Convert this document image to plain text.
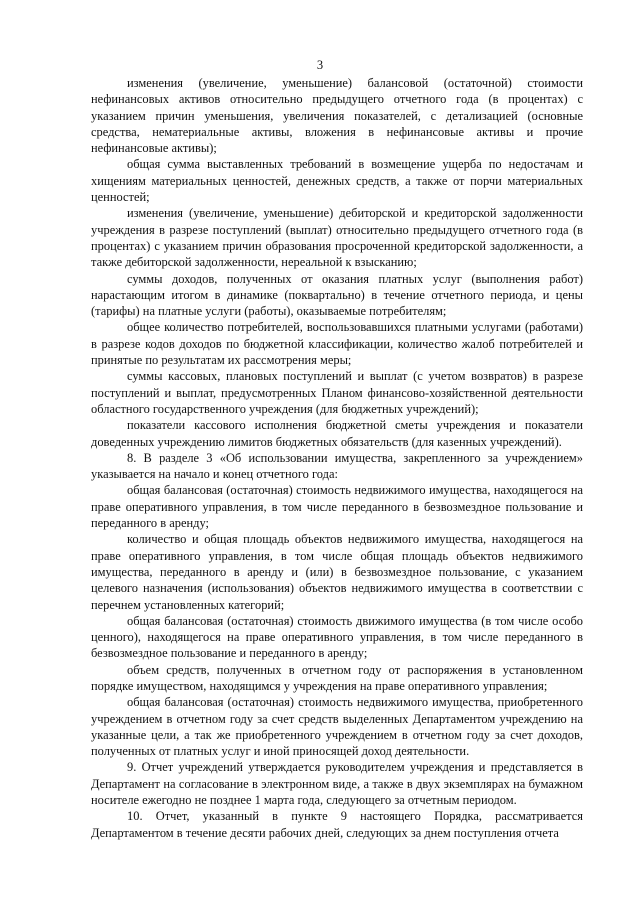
3

изменения (увеличение, уменьшение) балансовой (остаточной) стоимости нефинансовых активов относительно предыдущего отчетного года (в процентах) с указанием причин уменьшения, увеличения показателей, с детализацией (основные средства, нематериальные активы, вложения в нефинансовые активы и прочие нефинансовые активы);

общая сумма выставленных требований в возмещение ущерба по недостачам и хищениям материальных ценностей, денежных средств, а также от порчи материальных ценностей;

изменения (увеличение, уменьшение) дебиторской и кредиторской задолженности учреждения в разрезе поступлений (выплат) относительно предыдущего отчетного года (в процентах) с указанием причин образования просроченной кредиторской задолженности, а также дебиторской задолженности, нереальной к взысканию;

суммы доходов, полученных от оказания платных услуг (выполнения работ) нарастающим итогом в динамике (поквартально) в течение отчетного периода, и цены (тарифы) на платные услуги (работы), оказываемые потребителям;

общее количество потребителей, воспользовавшихся платными услугами (работами) в разрезе кодов доходов по бюджетной классификации, количество жалоб потребителей и принятые по результатам их рассмотрения меры;

суммы кассовых, плановых поступлений и выплат (с учетом возвратов) в разрезе поступлений и выплат, предусмотренных Планом финансово-хозяйственной деятельности областного государственного учреждения (для бюджетных учреждений);

показатели кассового исполнения бюджетной сметы учреждения и показатели доведенных учреждению лимитов бюджетных обязательств (для казенных учреждений).

8. В разделе 3 «Об использовании имущества, закрепленного за учреждением» указывается на начало и конец отчетного года:

общая балансовая (остаточная) стоимость недвижимого имущества, находящегося на праве оперативного управления, в том числе переданного в безвозмездное пользование и переданного в аренду;

количество и общая площадь объектов недвижимого имущества, находящегося на праве оперативного управления, в том числе общая площадь объектов недвижимого имущества, переданного в аренду и (или) в безвозмездное пользование, с указанием целевого назначения (использования) объектов недвижимого имущества в соответствии с перечнем установленных категорий;

общая балансовая (остаточная) стоимость движимого имущества (в том числе особо ценного), находящегося на праве оперативного управления, в том числе переданного в безвозмездное пользование и переданного в аренду;

объем средств, полученных в отчетном году от распоряжения в установленном порядке имуществом, находящимся у учреждения на праве оперативного управления;

общая балансовая (остаточная) стоимость недвижимого имущества, приобретенного учреждением в отчетном году за счет средств выделенных Департаментом учреждению на указанные цели, а так же приобретенного учреждением в отчетном году за счет доходов, полученных от платных услуг и иной приносящей доход деятельности.

9. Отчет учреждений утверждается руководителем учреждения и представляется в Департамент на согласование в электронном виде, а также в двух экземплярах на бумажном носителе ежегодно не позднее 1 марта года, следующего за отчетным периодом.

10. Отчет, указанный в пункте 9 настоящего Порядка, рассматривается Департаментом в течение десяти рабочих дней, следующих за днем поступления отчета
